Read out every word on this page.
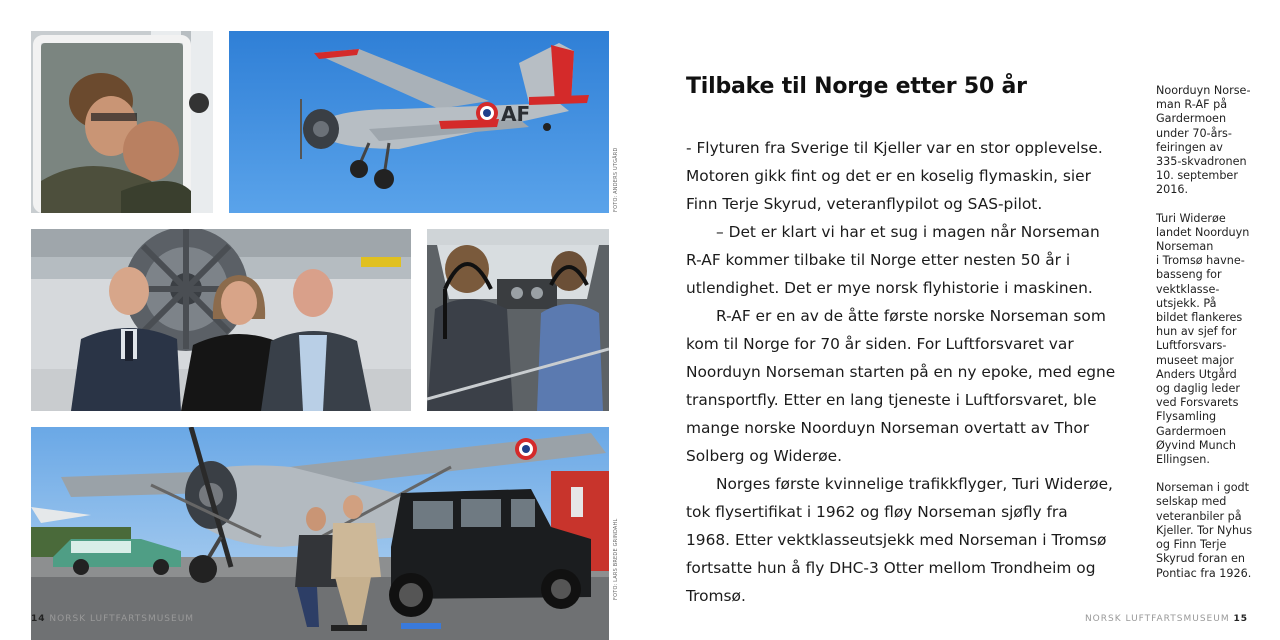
AF
FOTO: ANDERS UTGÅRD
FOTO: LARS BREDE GRINDAHL
14 NORSK LUFTFARTSMUSEUM
Tilbake til Norge etter 50 år

- Flyturen fra Sverige til Kjeller var en stor opplevelse. Motoren gikk fint og det er en koselig flymaskin, sier Finn Terje Skyrud, veteranflypilot og SAS-pilot.

– Det er klart vi har et sug i magen når Norseman R-AF kommer tilbake til Norge etter nesten 50 år i utlendighet. Det er mye norsk flyhistorie i maskinen.

R-AF er en av de åtte første norske Norseman som kom til Norge for 70 år siden. For Luftforsvaret var Noorduyn Norseman starten på en ny epoke, med egne transportfly. Etter en lang tjeneste i Luftforsvaret, ble mange norske Noorduyn Norseman overtatt av Thor Solberg og Widerøe.

Norges første kvinnelige trafikkflyger, Turi Widerøe, tok flysertifikat i 1962 og fløy Norseman sjøfly fra 1968. Etter vektklasseutsjekk med Norseman i Tromsø fortsatte hun å fly DHC-3 Otter mellom Trondheim og Tromsø.

Noorduyn Norse-
man R-AF på
Gardermoen
under 70-års-
feiringen av
335-skvadronen
10. september
2016.

Turi Widerøe
landet Noorduyn
Norseman
i Tromsø havne-
basseng for
vektklasse-
utsjekk. På
bildet flankeres
hun av sjef for
Luftforsvars-
museet major
Anders Utgård
og daglig leder
ved Forsvarets
Flysamling
Gardermoen
Øyvind Munch
Ellingsen.

Norseman i godt
selskap med
veteranbiler på
Kjeller. Tor Nyhus
og Finn Terje
Skyrud foran en
Pontiac fra 1926.

NORSK LUFTFARTSMUSEUM 15
